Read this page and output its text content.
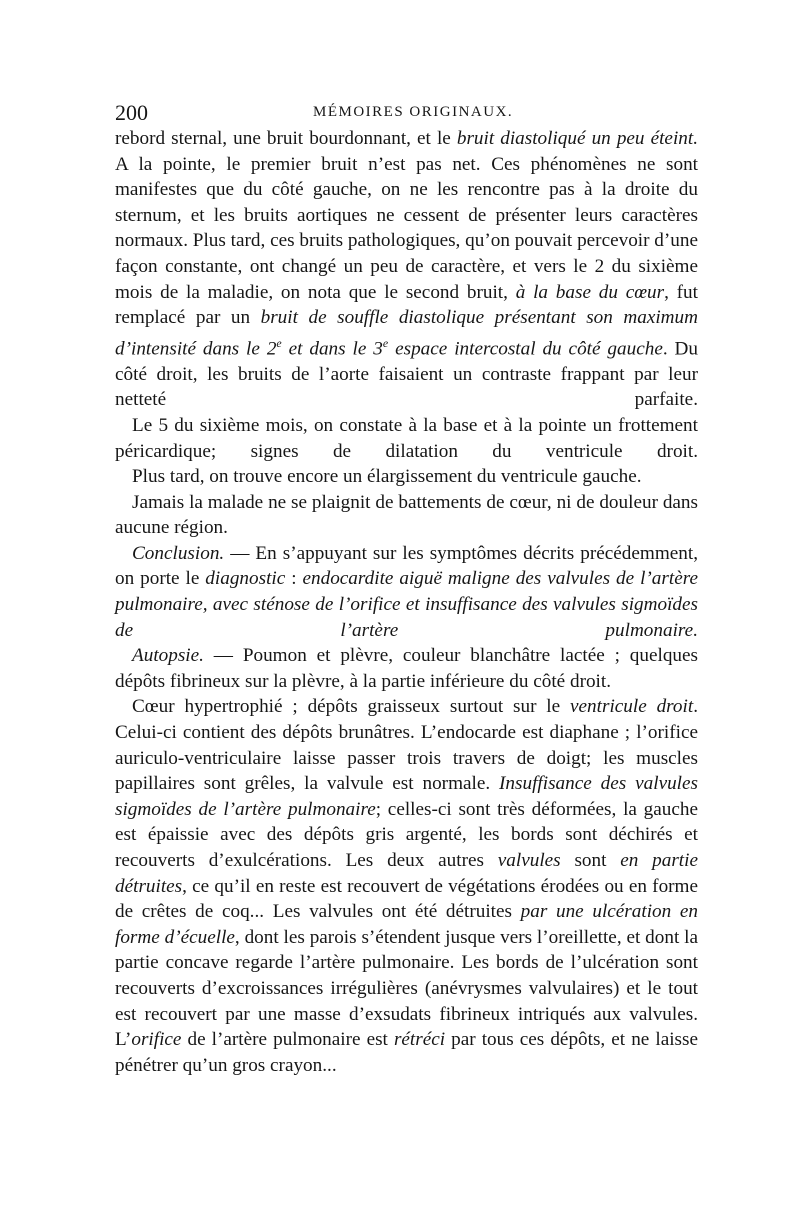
200	MÉMOIRES ORIGINAUX.

rebord sternal, une bruit bourdonnant, et le bruit diastoliqué un peu éteint. A la pointe, le premier bruit n’est pas net. Ces phénomènes ne sont manifestes que du côté gauche, on ne les rencontre pas à la droite du sternum, et les bruits aortiques ne cessent de présenter leurs caractères normaux. Plus tard, ces bruits pathologiques, qu’on pouvait percevoir d’une façon constante, ont changé un peu de caractère, et vers le 2 du sixième mois de la maladie, on nota que le second bruit, à la base du cœur, fut remplacé par un bruit de souffle diastolique présentant son maximum d’intensité dans le 2e et dans le 3e espace intercostal du côté gauche. Du côté droit, les bruits de l’aorte faisaient un contraste frappant par leur netteté parfaite.

Le 5 du sixième mois, on constate à la base et à la pointe un frottement péricardique; signes de dilatation du ventricule droit.

Plus tard, on trouve encore un élargissement du ventricule gauche.

Jamais la malade ne se plaignit de battements de cœur, ni de douleur dans aucune région.

Conclusion. — En s’appuyant sur les symptômes décrits précédemment, on porte le diagnostic : endocardite aiguë maligne des valvules de l’artère pulmonaire, avec sténose de l’orifice et insuffisance des valvules sigmoïdes de l’artère pulmonaire.

Autopsie. — Poumon et plèvre, couleur blanchâtre lactée ; quelques dépôts fibrineux sur la plèvre, à la partie inférieure du côté droit.

Cœur hypertrophié ; dépôts graisseux surtout sur le ventricule droit. Celui-ci contient des dépôts brunâtres. L’endocarde est diaphane ; l’orifice auriculo-ventriculaire laisse passer trois travers de doigt; les muscles papillaires sont grêles, la valvule est normale. Insuffisance des valvules sigmoïdes de l’artère pulmonaire; celles-ci sont très déformées, la gauche est épaissie avec des dépôts gris argenté, les bords sont déchirés et recouverts d’exulcérations. Les deux autres valvules sont en partie détruites, ce qu’il en reste est recouvert de végétations érodées ou en forme de crêtes de coq... Les valvules ont été détruites par une ulcération en forme d’écuelle, dont les parois s’étendent jusque vers l’oreillette, et dont la partie concave regarde l’artère pulmonaire. Les bords de l’ulcération sont recouverts d’excroissances irrégulières (anévrysmes valvulaires) et le tout est recouvert par une masse d’exsudats fibrineux intriqués aux valvules. L’orifice de l’artère pulmonaire est rétréci par tous ces dépôts, et ne laisse pénétrer qu’un gros crayon...
